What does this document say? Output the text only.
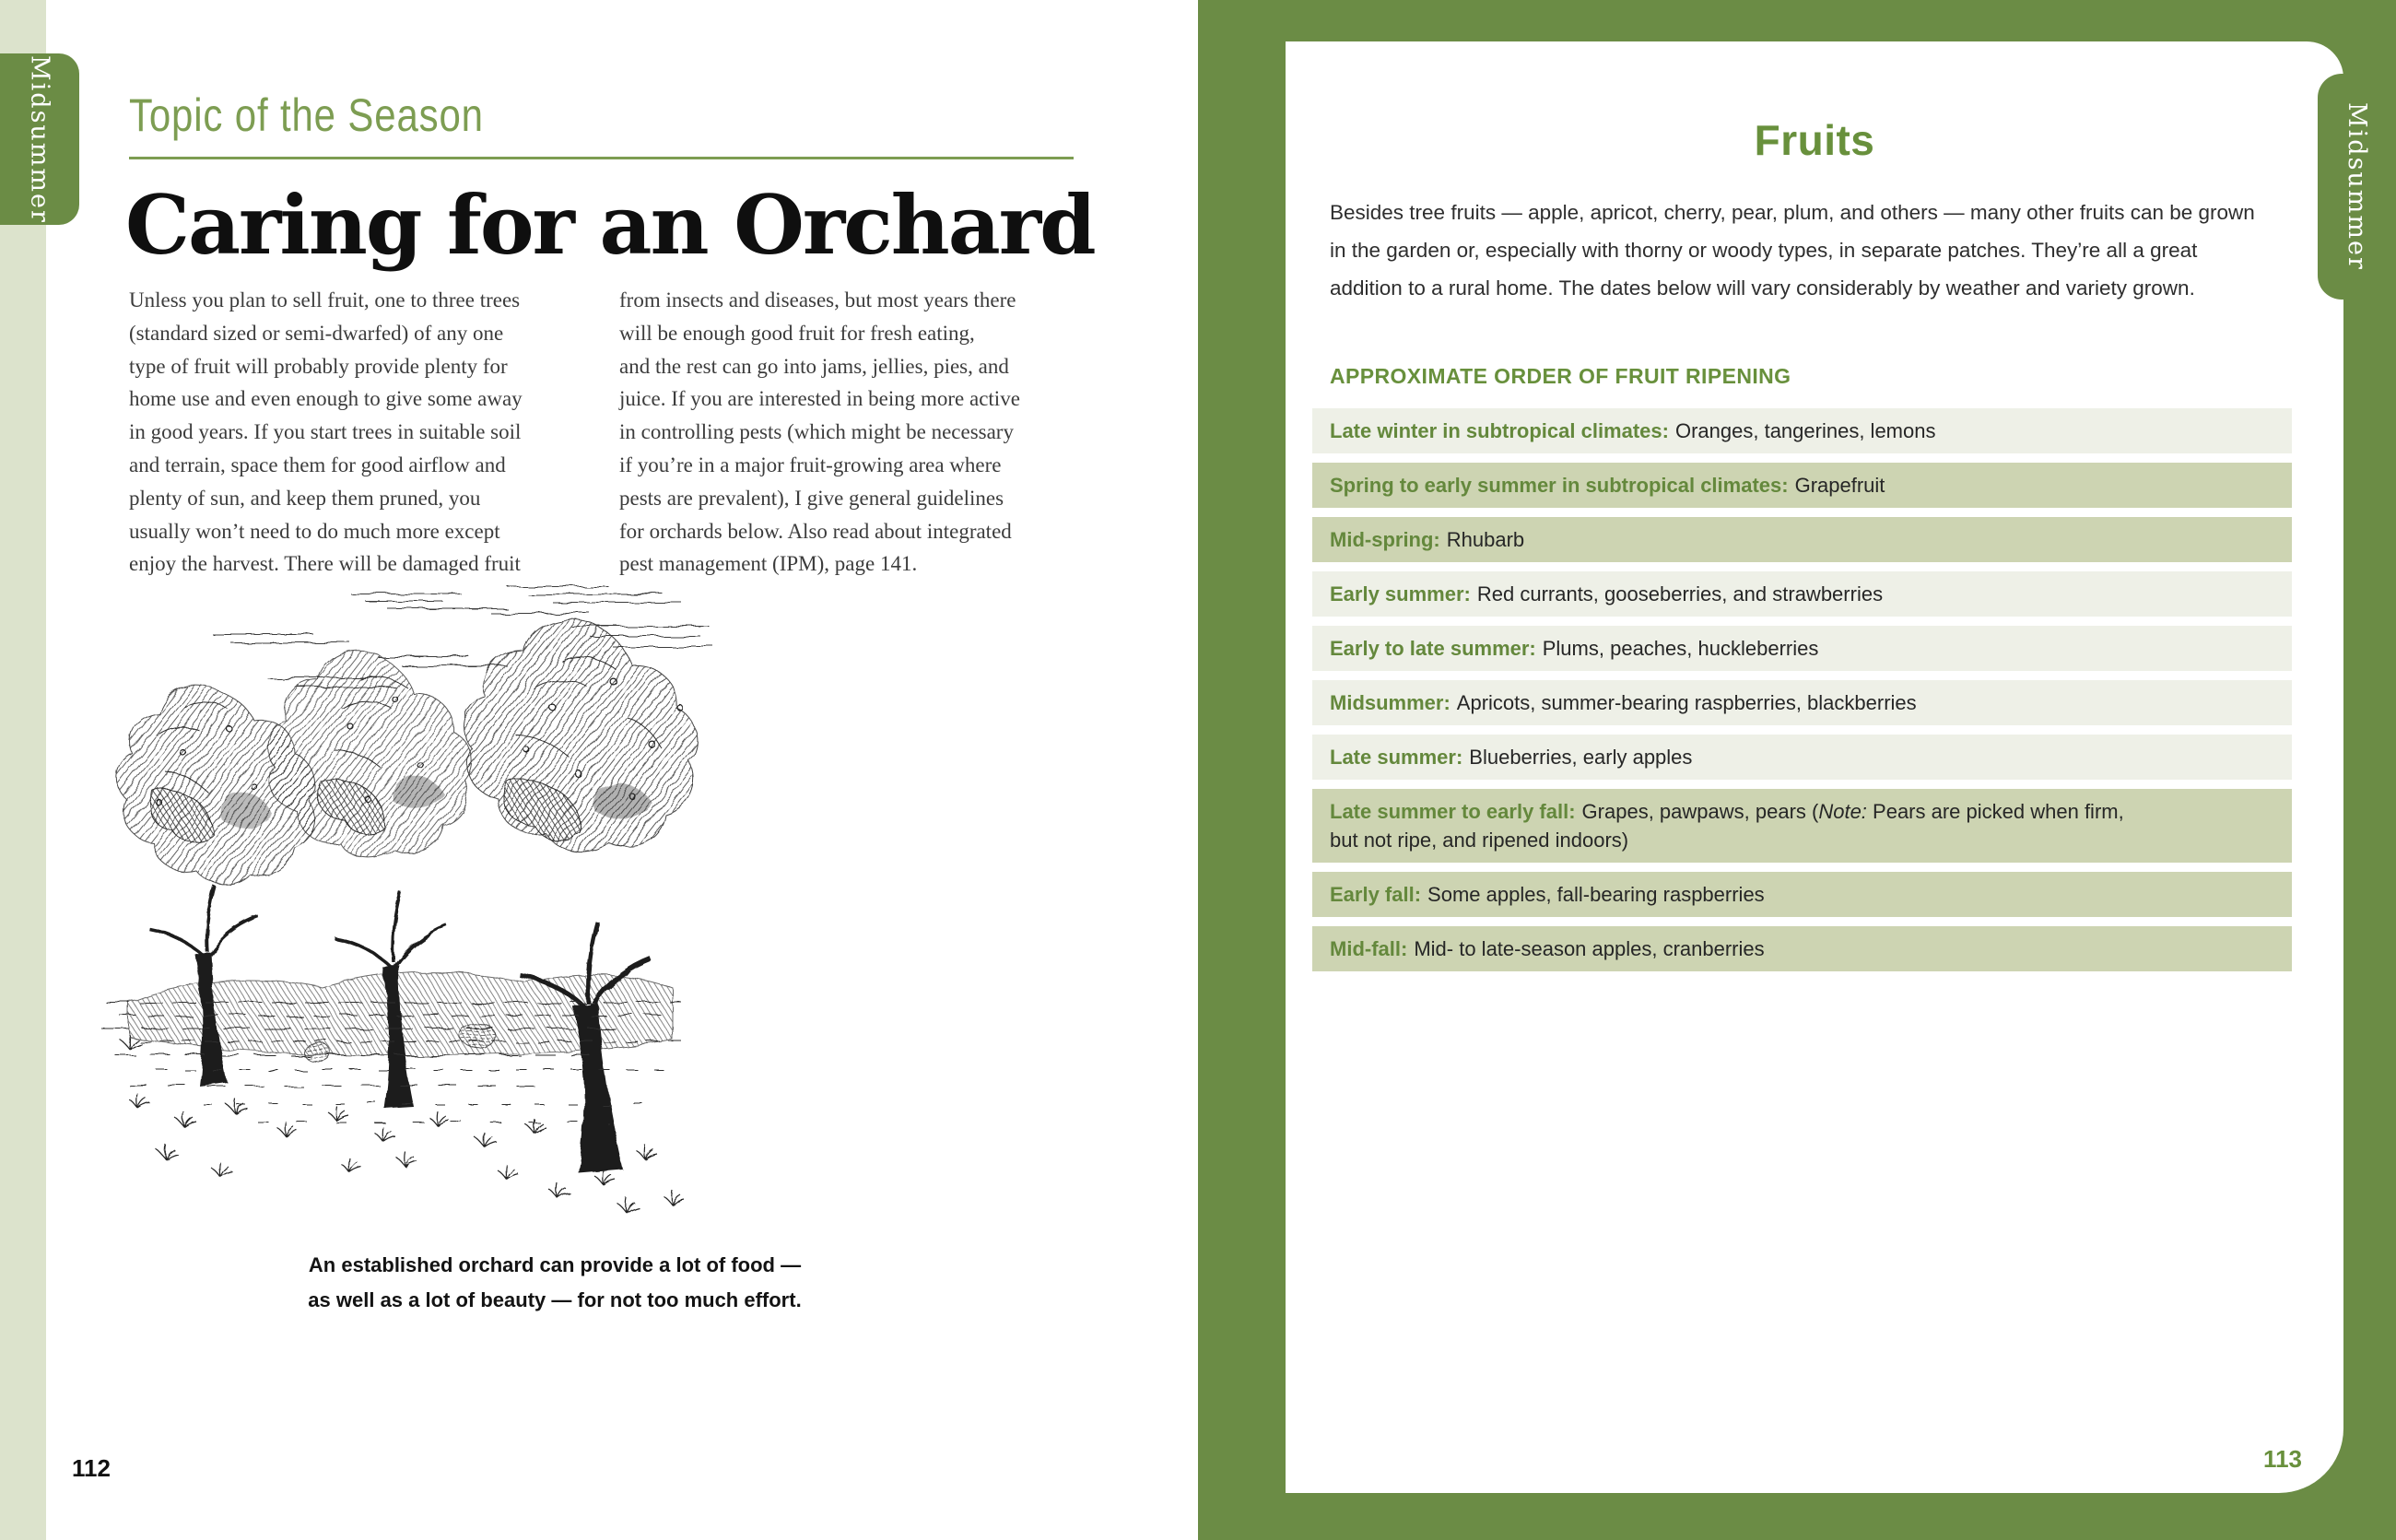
Midsummer Topic of the Season
Caring for an Orchard
Unless you plan to sell fruit, one to three trees
(standard sized or semi-dwarfed) of any one
type of fruit will probably provide plenty for
home use and even enough to give some away
in good years. If you start trees in suitable soil
and terrain, space them for good airflow and
plenty of sun, and keep them pruned, you
usually won’t need to do much more except
enjoy the harvest. There will be damaged fruit
from insects and diseases, but most years there
will be enough good fruit for fresh eating,
and the rest can go into jams, jellies, pies, and
juice. If you are interested in being more active
in controlling pests (which might be necessary
if you’re in a major fruit-growing area where
pests are prevalent), I give general guidelines
for orchards below. Also read about integrated
pest management (IPM), page 141.
An established orchard can provide a lot of food —
as well as a lot of beauty — for not too much effort.
112
Fruits

Besides tree fruits — apple, apricot, cherry, pear, plum, and others — many other fruits can be grown in the garden or, especially with thorny or woody types, in separate patches. They’re all a great addition to a rural home. The dates below will vary considerably by weather and variety grown.

APPROXIMATE ORDER OF FRUIT RIPENING
Late winter in subtropical climates: Oranges, tangerines, lemons
Spring to early summer in subtropical climates: Grapefruit
Mid-spring: Rhubarb
Early summer: Red currants, gooseberries, and strawberries
Early to late summer: Plums, peaches, huckleberries
Midsummer: Apricots, summer-bearing raspberries, blackberries
Late summer: Blueberries, early apples
Late summer to early fall: Grapes, pawpaws, pears (Note: Pears are picked when firm,
but not ripe, and ripened indoors)
Early fall: Some apples, fall-bearing raspberries
Mid-fall: Mid- to late-season apples, cranberries
113
Midsummer
